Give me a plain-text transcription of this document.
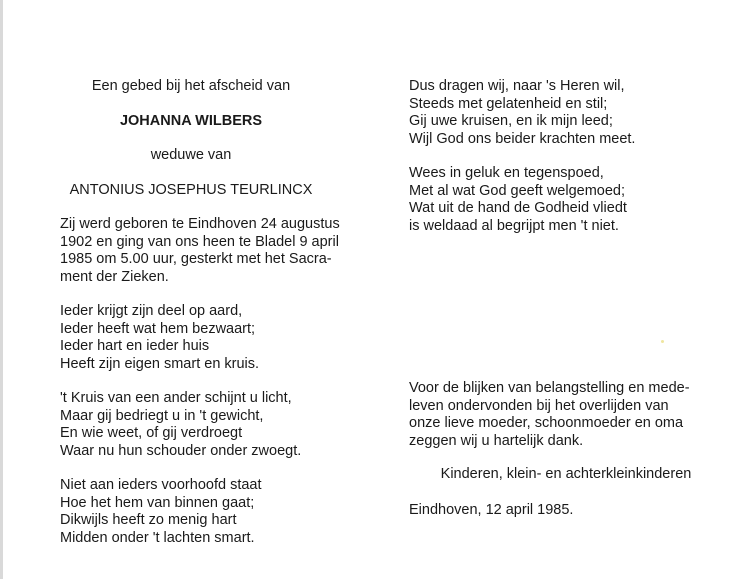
Een gebed bij het afscheid van
JOHANNA WILBERS
weduwe van
ANTONIUS JOSEPHUS TEURLINCX
Zij werd geboren te Eindhoven 24 augustus
1902 en ging van ons heen te Bladel 9 april
1985 om 5.00 uur, gesterkt met het Sacra-
ment der Zieken.
Ieder krijgt zijn deel op aard,
Ieder heeft wat hem bezwaart;
Ieder hart en ieder huis
Heeft zijn eigen smart en kruis.
't Kruis van een ander schijnt u licht,
Maar gij bedriegt u in 't gewicht,
En wie weet, of gij verdroegt
Waar nu hun schouder onder zwoegt.
Niet aan ieders voorhoofd staat
Hoe het hem van binnen gaat;
Dikwijls heeft zo menig hart
Midden onder 't lachten smart.
Dus dragen wij, naar 's Heren wil,
Steeds met gelatenheid en stil;
Gij uwe kruisen, en ik mijn leed;
Wijl God ons beider krachten meet.
Wees in geluk en tegenspoed,
Met al wat God geeft welgemoed;
Wat uit de hand de Godheid vliedt
is weldaad al begrijpt men 't niet.
Voor de blijken van belangstelling en mede-
leven ondervonden bij het overlijden van
onze lieve moeder, schoonmoeder en oma
zeggen wij u hartelijk dank.
Kinderen, klein- en achterkleinkinderen
Eindhoven, 12 april 1985.
